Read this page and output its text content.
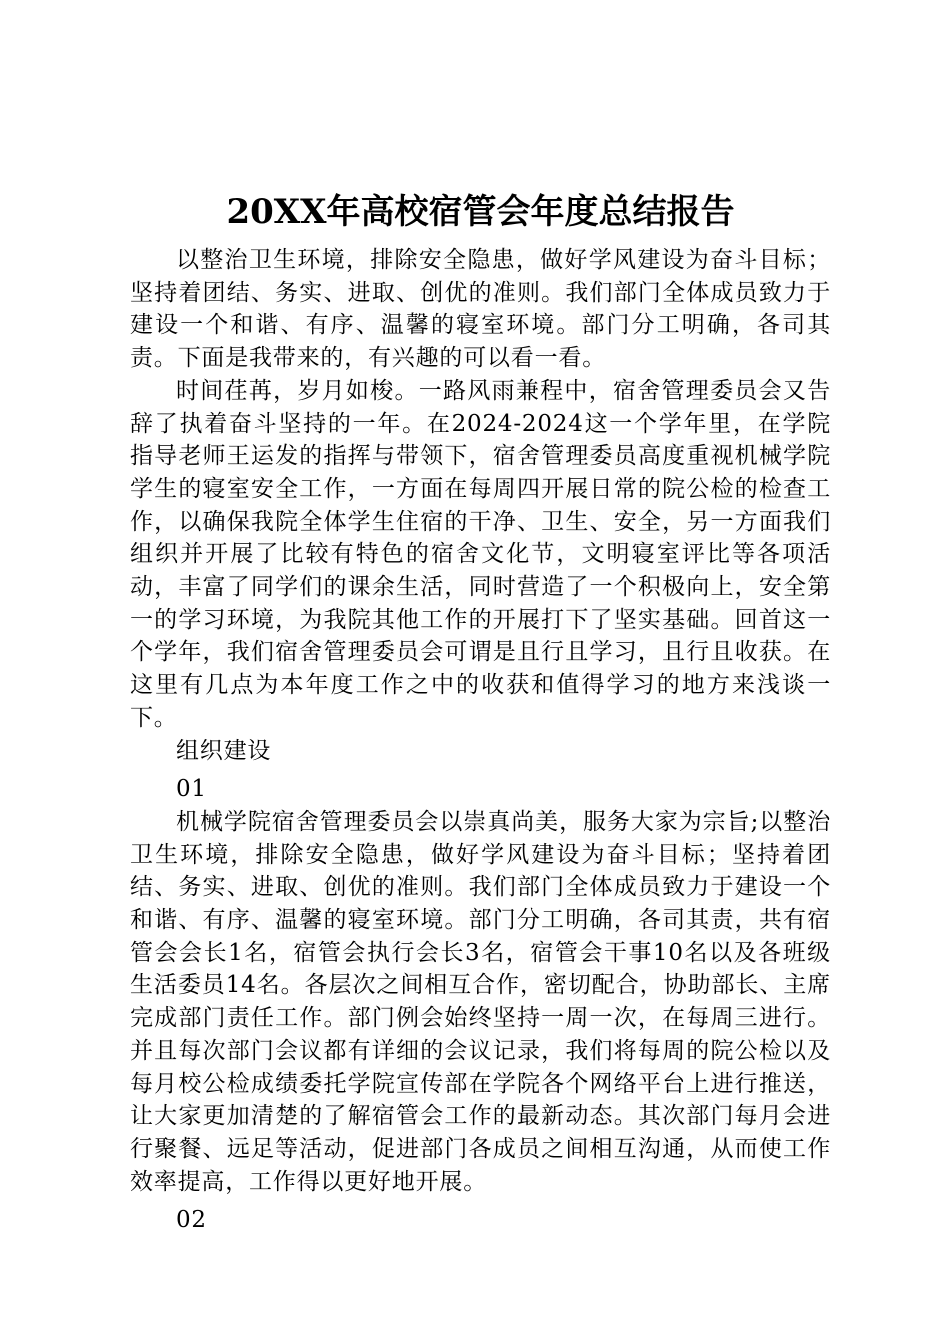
20XX年高校宿管会年度总结报告

以整治卫生环境，排除安全隐患，做好学风建设为奋斗目标；坚持着团结、务实、进取、创优的准则。我们部门全体成员致力于建设一个和谐、有序、温馨的寝室环境。部门分工明确，各司其责。下面是我带来的，有兴趣的可以看一看。

时间荏苒，岁月如梭。一路风雨兼程中，宿舍管理委员会又告辞了执着奋斗坚持的一年。在2024-2024这一个学年里，在学院指导老师王运发的指挥与带领下，宿舍管理委员高度重视机械学院学生的寝室安全工作，一方面在每周四开展日常的院公检的检查工作，以确保我院全体学生住宿的干净、卫生、安全，另一方面我们组织并开展了比较有特色的宿舍文化节，文明寝室评比等各项活动，丰富了同学们的课余生活，同时营造了一个积极向上，安全第一的学习环境，为我院其他工作的开展打下了坚实基础。回首这一个学年，我们宿舍管理委员会可谓是且行且学习，且行且收获。在这里有几点为本年度工作之中的收获和值得学习的地方来浅谈一下。

组织建设

01

机械学院宿舍管理委员会以崇真尚美，服务大家为宗旨;以整治卫生环境，排除安全隐患，做好学风建设为奋斗目标；坚持着团结、务实、进取、创优的准则。我们部门全体成员致力于建设一个和谐、有序、温馨的寝室环境。部门分工明确，各司其责，共有宿管会会长1名，宿管会执行会长3名，宿管会干事10名以及各班级生活委员14名。各层次之间相互合作，密切配合，协助部长、主席完成部门责任工作。部门例会始终坚持一周一次，在每周三进行。并且每次部门会议都有详细的会议记录，我们将每周的院公检以及每月校公检成绩委托学院宣传部在学院各个网络平台上进行推送，让大家更加清楚的了解宿管会工作的最新动态。其次部门每月会进行聚餐、远足等活动，促进部门各成员之间相互沟通，从而使工作效率提高，工作得以更好地开展。

02
